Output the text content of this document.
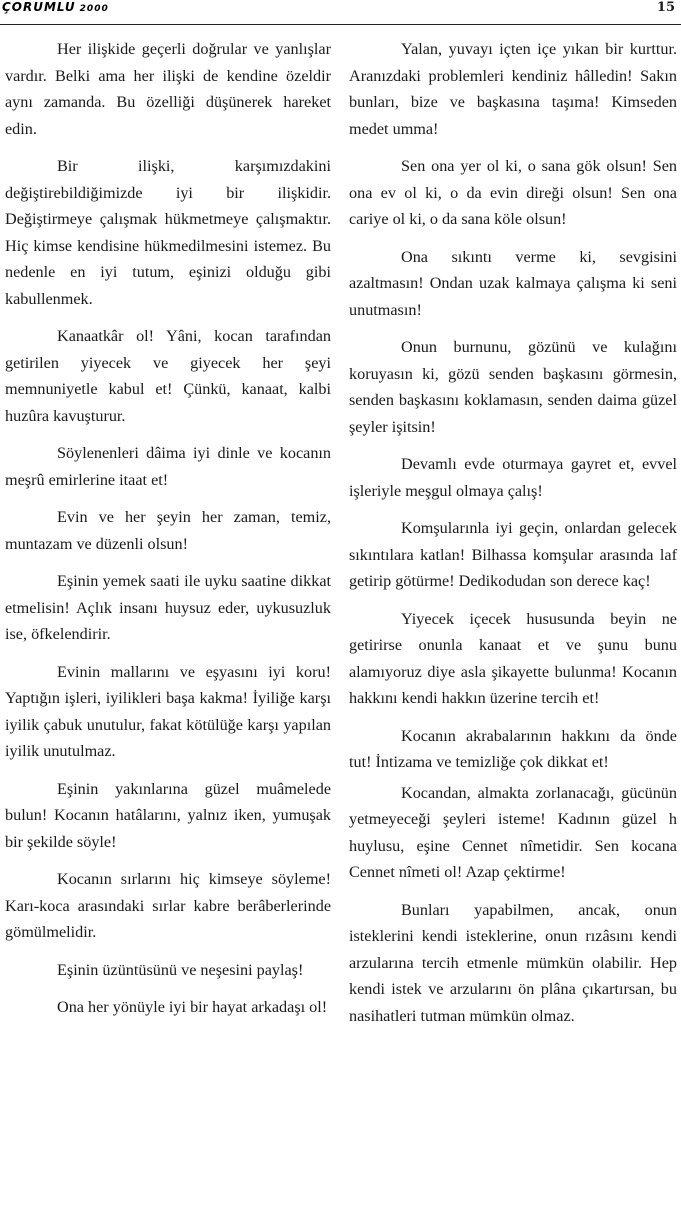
ÇORUMLU 2000	15

Her ilişkide geçerli doğrular ve yanlışlar vardır. Belki ama her ilişki de kendine özeldir aynı zamanda. Bu özelliği düşünerek hareket edin.

Bir ilişki, karşımızdakini değiştirebildiğimizde iyi bir ilişkidir. Değiştirmeye çalışmak hükmetmeye çalışmaktır. Hiç kimse kendisine hükmedilmesini istemez. Bu nedenle en iyi tutum, eşinizi olduğu gibi kabullenmek.

Kanaatkâr ol! Yâni, kocan tarafından getirilen yiyecek ve giyecek her şeyi memnuniyetle kabul et! Çünkü, kanaat, kalbi huzûra kavuşturur.

Söylenenleri dâima iyi dinle ve kocanın meşrû emirlerine itaat et!

Evin ve her şeyin her zaman, temiz, muntazam ve düzenli olsun!

Eşinin yemek saati ile uyku saatine dikkat etmelisin! Açlık insanı huysuz eder, uykusuzluk ise, öfkelendirir.

Evinin mallarını ve eşyasını iyi koru! Yaptığın işleri, iyilikleri başa kakma! İyiliğe karşı iyilik çabuk unutulur, fakat kötülüğe karşı yapılan iyilik unutulmaz.

Eşinin yakınlarına güzel muâmelede bulun! Kocanın hatâlarını, yalnız iken, yumuşak bir şekilde söyle!

Kocanın sırlarını hiç kimseye söyleme! Karı-koca arasındaki sırlar kabre berâberlerinde gömülmelidir.

Eşinin üzüntüsünü ve neşesini paylaş!

Ona her yönüyle iyi bir hayat arkadaşı ol!

Yalan, yuvayı içten içe yıkan bir kurttur. Aranızdaki problemleri kendiniz hâlledin! Sakın bunları, bize ve başkasına taşıma! Kimseden medet umma!

Sen ona yer ol ki, o sana gök olsun! Sen ona ev ol ki, o da evin direği olsun! Sen ona cariye ol ki, o da sana köle olsun!

Ona sıkıntı verme ki, sevgisini azaltmasın! Ondan uzak kalmaya çalışma ki seni unutmasın!

Onun burnunu, gözünü ve kulağını koruyasın ki, gözü senden başkasını görmesin, senden başkasını koklamasın, senden daima güzel şeyler işitsin!

Devamlı evde oturmaya gayret et, evvel işleriyle meşgul olmaya çalış!

Komşularınla iyi geçin, onlardan gelecek sıkıntılara katlan! Bilhassa komşular arasında laf getirip götürme! Dedikodudan son derece kaç!

Yiyecek içecek hususunda beyin ne getirirse onunla kanaat et ve şunu bunu alamıyoruz diye asla şikayette bulunma! Kocanın hakkını kendi hakkın üzerine tercih et!

Kocanın akrabalarının hakkını da önde tut! İntizama ve temizliğe çok dikkat et!

Kocandan, almakta zorlanacağı, gücünün yetmeyeceği şeyleri isteme! Kadının güzel h huylusu, eşine Cennet nîmetidir. Sen kocana Cennet nîmeti ol! Azap çektirme!

Bunları yapabilmen, ancak, onun isteklerini kendi isteklerine, onun rızâsını kendi arzularına tercih etmenle mümkün olabilir. Hep kendi istek ve arzularını ön plâna çıkartırsan, bu nasihatleri tutman mümkün olmaz.
